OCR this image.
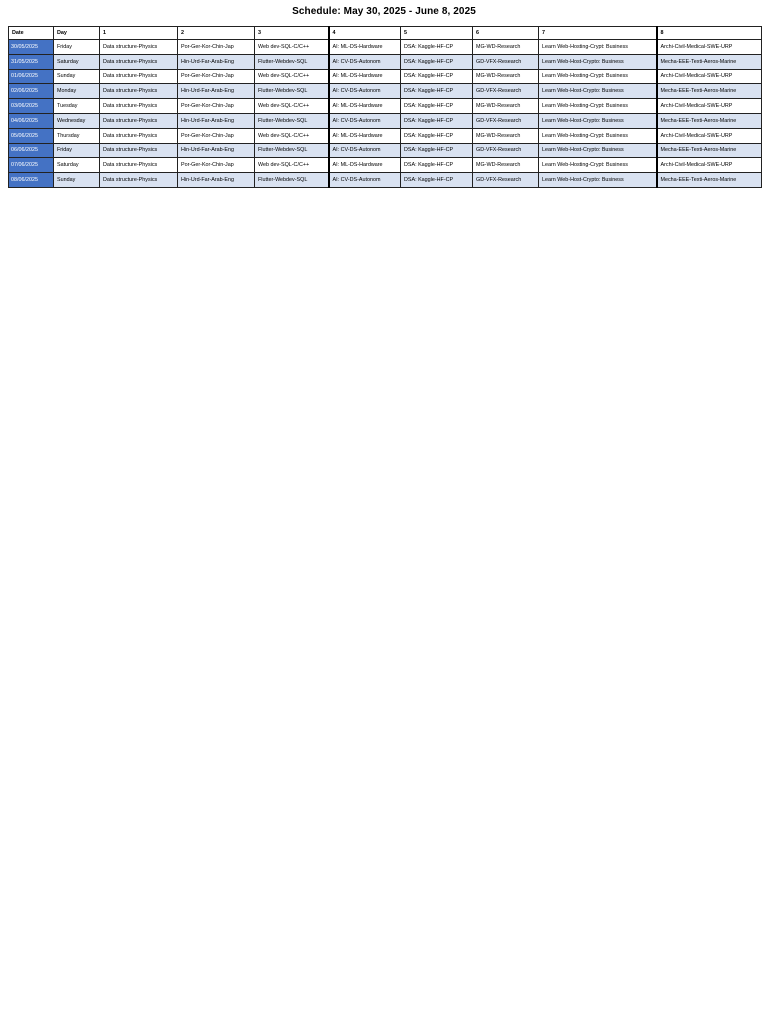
Schedule: May 30, 2025 - June 8, 2025
Date	Day	1	2	3	4	5	6	7	8
30/05/2025	Friday	Data structure-Physics	Por-Ger-Kor-Chin-Jap	Web dev-SQL-C/C++	AI: ML-DS-Hardware	DSA: Kaggle-HF-CP	MG-WD-Research	Learn Web-Hosting-Crypt: Business	Archi-Civil-Medical-SWE-URP
31/05/2025	Saturday	Data structure-Physics	Hin-Urd-Far-Arab-Eng	Flutter-Webdev-SQL	AI: CV-DS-Autonom	DSA: Kaggle-HF-CP	GD-VFX-Research	Learn Web-Host-Crypto: Business	Mecha-EEE-Texti-Aeros-Marine
01/06/2025	Sunday	Data structure-Physics	Por-Ger-Kor-Chin-Jap	Web dev-SQL-C/C++	AI: ML-DS-Hardware	DSA: Kaggle-HF-CP	MG-WD-Research	Learn Web-Hosting-Crypt: Business	Archi-Civil-Medical-SWE-URP
02/06/2025	Monday	Data structure-Physics	Hin-Urd-Far-Arab-Eng	Flutter-Webdev-SQL	AI: CV-DS-Autonom	DSA: Kaggle-HF-CP	GD-VFX-Research	Learn Web-Host-Crypto: Business	Mecha-EEE-Texti-Aeros-Marine
03/06/2025	Tuesday	Data structure-Physics	Por-Ger-Kor-Chin-Jap	Web dev-SQL-C/C++	AI: ML-DS-Hardware	DSA: Kaggle-HF-CP	MG-WD-Research	Learn Web-Hosting-Crypt: Business	Archi-Civil-Medical-SWE-URP
04/06/2025	Wednesday	Data structure-Physics	Hin-Urd-Far-Arab-Eng	Flutter-Webdev-SQL	AI: CV-DS-Autonom	DSA: Kaggle-HF-CP	GD-VFX-Research	Learn Web-Host-Crypto: Business	Mecha-EEE-Texti-Aeros-Marine
05/06/2025	Thursday	Data structure-Physics	Por-Ger-Kor-Chin-Jap	Web dev-SQL-C/C++	AI: ML-DS-Hardware	DSA: Kaggle-HF-CP	MG-WD-Research	Learn Web-Hosting-Crypt: Business	Archi-Civil-Medical-SWE-URP
06/06/2025	Friday	Data structure-Physics	Hin-Urd-Far-Arab-Eng	Flutter-Webdev-SQL	AI: CV-DS-Autonom	DSA: Kaggle-HF-CP	GD-VFX-Research	Learn Web-Host-Crypto: Business	Mecha-EEE-Texti-Aeros-Marine
07/06/2025	Saturday	Data structure-Physics	Por-Ger-Kor-Chin-Jap	Web dev-SQL-C/C++	AI: ML-DS-Hardware	DSA: Kaggle-HF-CP	MG-WD-Research	Learn Web-Hosting-Crypt: Business	Archi-Civil-Medical-SWE-URP
08/06/2025	Sunday	Data structure-Physics	Hin-Urd-Far-Arab-Eng	Flutter-Webdev-SQL	AI: CV-DS-Autonom	DSA: Kaggle-HF-CP	GD-VFX-Research	Learn Web-Host-Crypto: Business	Mecha-EEE-Texti-Aeros-Marine
